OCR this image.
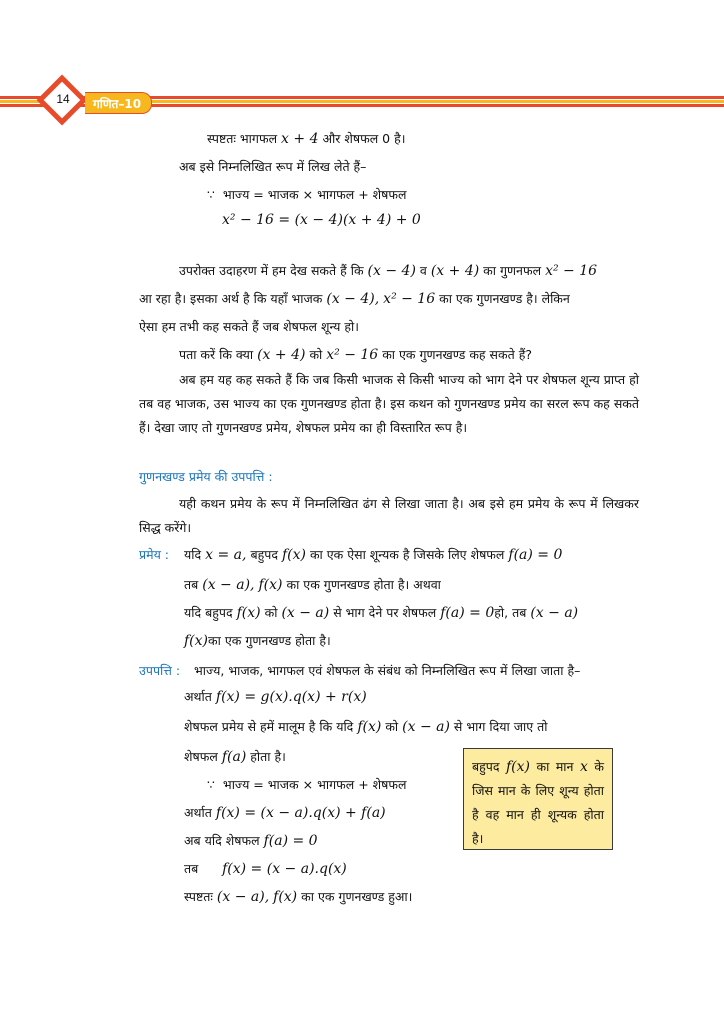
14	गणित–10
स्पष्टतः भागफल x + 4 और शेषफल 0 है।
अब इसे निम्नलिखित रूप में लिख लेते हैं–
∵ भाज्य = भाजक × भागफल + शेषफल
x² − 16 = (x − 4)(x + 4) + 0
उपरोक्त उदाहरण में हम देख सकते हैं कि (x − 4) व (x + 4) का गुणनफल x² − 16
आ रहा है। इसका अर्थ है कि यहाँ भाजक (x − 4), x² − 16 का एक गुणनखण्ड है। लेकिन
ऐसा हम तभी कह सकते हैं जब शेषफल शून्य हो।
पता करें कि क्या (x + 4) को x² − 16 का एक गुणनखण्ड कह सकते हैं?
अब हम यह कह सकते हैं कि जब किसी भाजक से किसी भाज्य को भाग देने पर शेषफल शून्य प्राप्त हो तब वह भाजक, उस भाज्य का एक गुणनखण्ड होता है। इस कथन को गुणनखण्ड प्रमेय का सरल रूप कह सकते हैं। देखा जाए तो गुणनखण्ड प्रमेय, शेषफल प्रमेय का ही विस्तारित रूप है।
गुणनखण्ड प्रमेय की उपपत्ति :
यही कथन प्रमेय के रूप में निम्नलिखित ढंग से लिखा जाता है। अब इसे हम प्रमेय के रूप में लिखकर सिद्ध करेंगे।
प्रमेय : यदि x = a, बहुपद f(x) का एक ऐसा शून्यक है जिसके लिए शेषफल f(a) = 0
तब (x − a), f(x) का एक गुणनखण्ड होता है। अथवा
यदि बहुपद f(x) को (x − a) से भाग देने पर शेषफल f(a) = 0हो, तब (x − a)
f(x)का एक गुणनखण्ड होता है।
उपपत्ति : भाज्य, भाजक, भागफल एवं शेषफल के संबंध को निम्नलिखित रूप में लिखा जाता है–
अर्थात f(x) = g(x).q(x) + r(x)
शेषफल प्रमेय से हमें मालूम है कि यदि f(x) को (x − a) से भाग दिया जाए तो
शेषफल f(a) होता है।
∵ भाज्य = भाजक × भागफल + शेषफल
अर्थात f(x) = (x − a).q(x) + f(a)
अब यदि शेषफल f(a) = 0
तब f(x) = (x − a).q(x)
स्पष्टतः (x − a), f(x) का एक गुणनखण्ड हुआ।
बहुपद f(x) का मान x के जिस मान के लिए शून्य होता है वह मान ही शून्यक होता है।
